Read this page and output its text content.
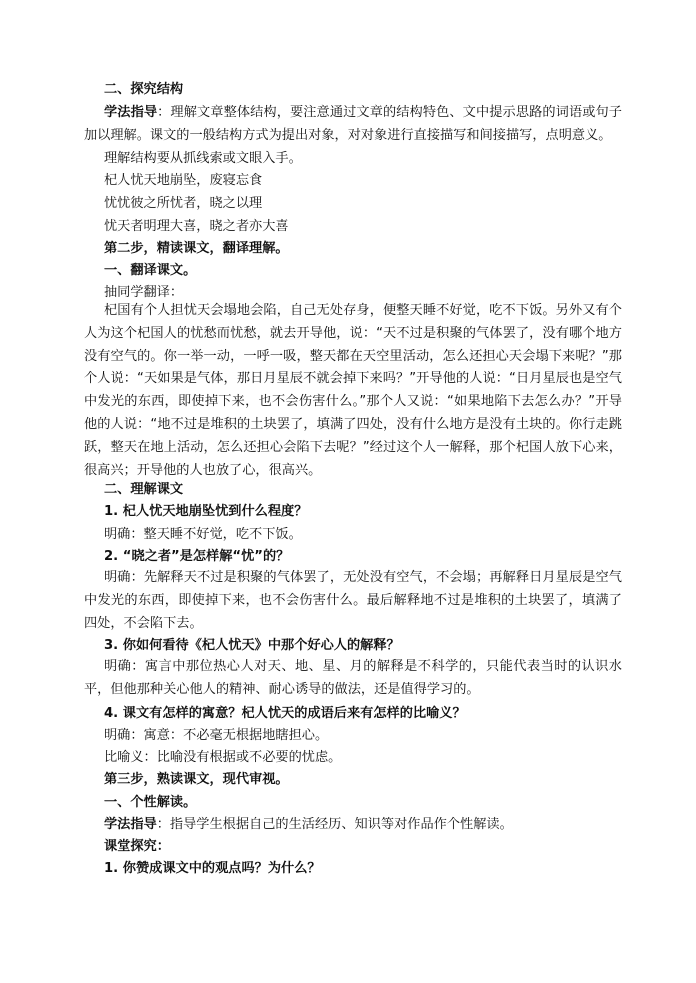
二、探究结构
学法指导：理解文章整体结构，要注意通过文章的结构特色、文中提示思路的词语或句子加以理解。课文的一般结构方式为提出对象，对对象进行直接描写和间接描写，点明意义。
理解结构要从抓线索或文眼入手。
杞人忧天地崩坠，废寝忘食
忧忧彼之所忧者，晓之以理
忧天者明理大喜，晓之者亦大喜
第二步，精读课文，翻译理解。
一、翻译课文。
抽同学翻译：
杞国有个人担忧天会塌地会陷，自己无处存身，便整天睡不好觉，吃不下饭。另外又有个人为这个杞国人的忧愁而忧愁，就去开导他，说：“天不过是积聚的气体罢了，没有哪个地方没有空气的。你一举一动，一呼一吸，整天都在天空里活动，怎么还担心天会塌下来呢？”那个人说：“天如果是气体，那日月星辰不就会掉下来吗？”开导他的人说：“日月星辰也是空气中发光的东西，即使掉下来，也不会伤害什么。”那个人又说：“如果地陷下去怎么办？”开导他的人说：“地不过是堆积的土块罢了，填满了四处，没有什么地方是没有土块的。你行走跳跃，整天在地上活动，怎么还担心会陷下去呢？”经过这个人一解释，那个杞国人放下心来，很高兴；开导他的人也放了心，很高兴。
二、理解课文
1. 杞人忧天地崩坠忧到什么程度？
明确：整天睡不好觉，吃不下饭。
2. “晓之者”是怎样解“忧”的？
明确：先解释天不过是积聚的气体罢了，无处没有空气，不会塌；再解释日月星辰是空气中发光的东西，即使掉下来，也不会伤害什么。最后解释地不过是堆积的土块罢了，填满了四处，不会陷下去。
3. 你如何看待《杞人忧天》中那个好心人的解释？
明确：寓言中那位热心人对天、地、星、月的解释是不科学的，只能代表当时的认识水平，但他那种关心他人的精神、耐心诱导的做法，还是值得学习的。
4. 课文有怎样的寓意？杞人忧天的成语后来有怎样的比喻义？
明确：寓意：不必毫无根据地瞎担心。
比喻义：比喻没有根据或不必要的忧虑。
第三步，熟读课文，现代审视。
一、个性解读。
学法指导：指导学生根据自己的生活经历、知识等对作品作个性解读。
课堂探究：
1. 你赞成课文中的观点吗？为什么？
